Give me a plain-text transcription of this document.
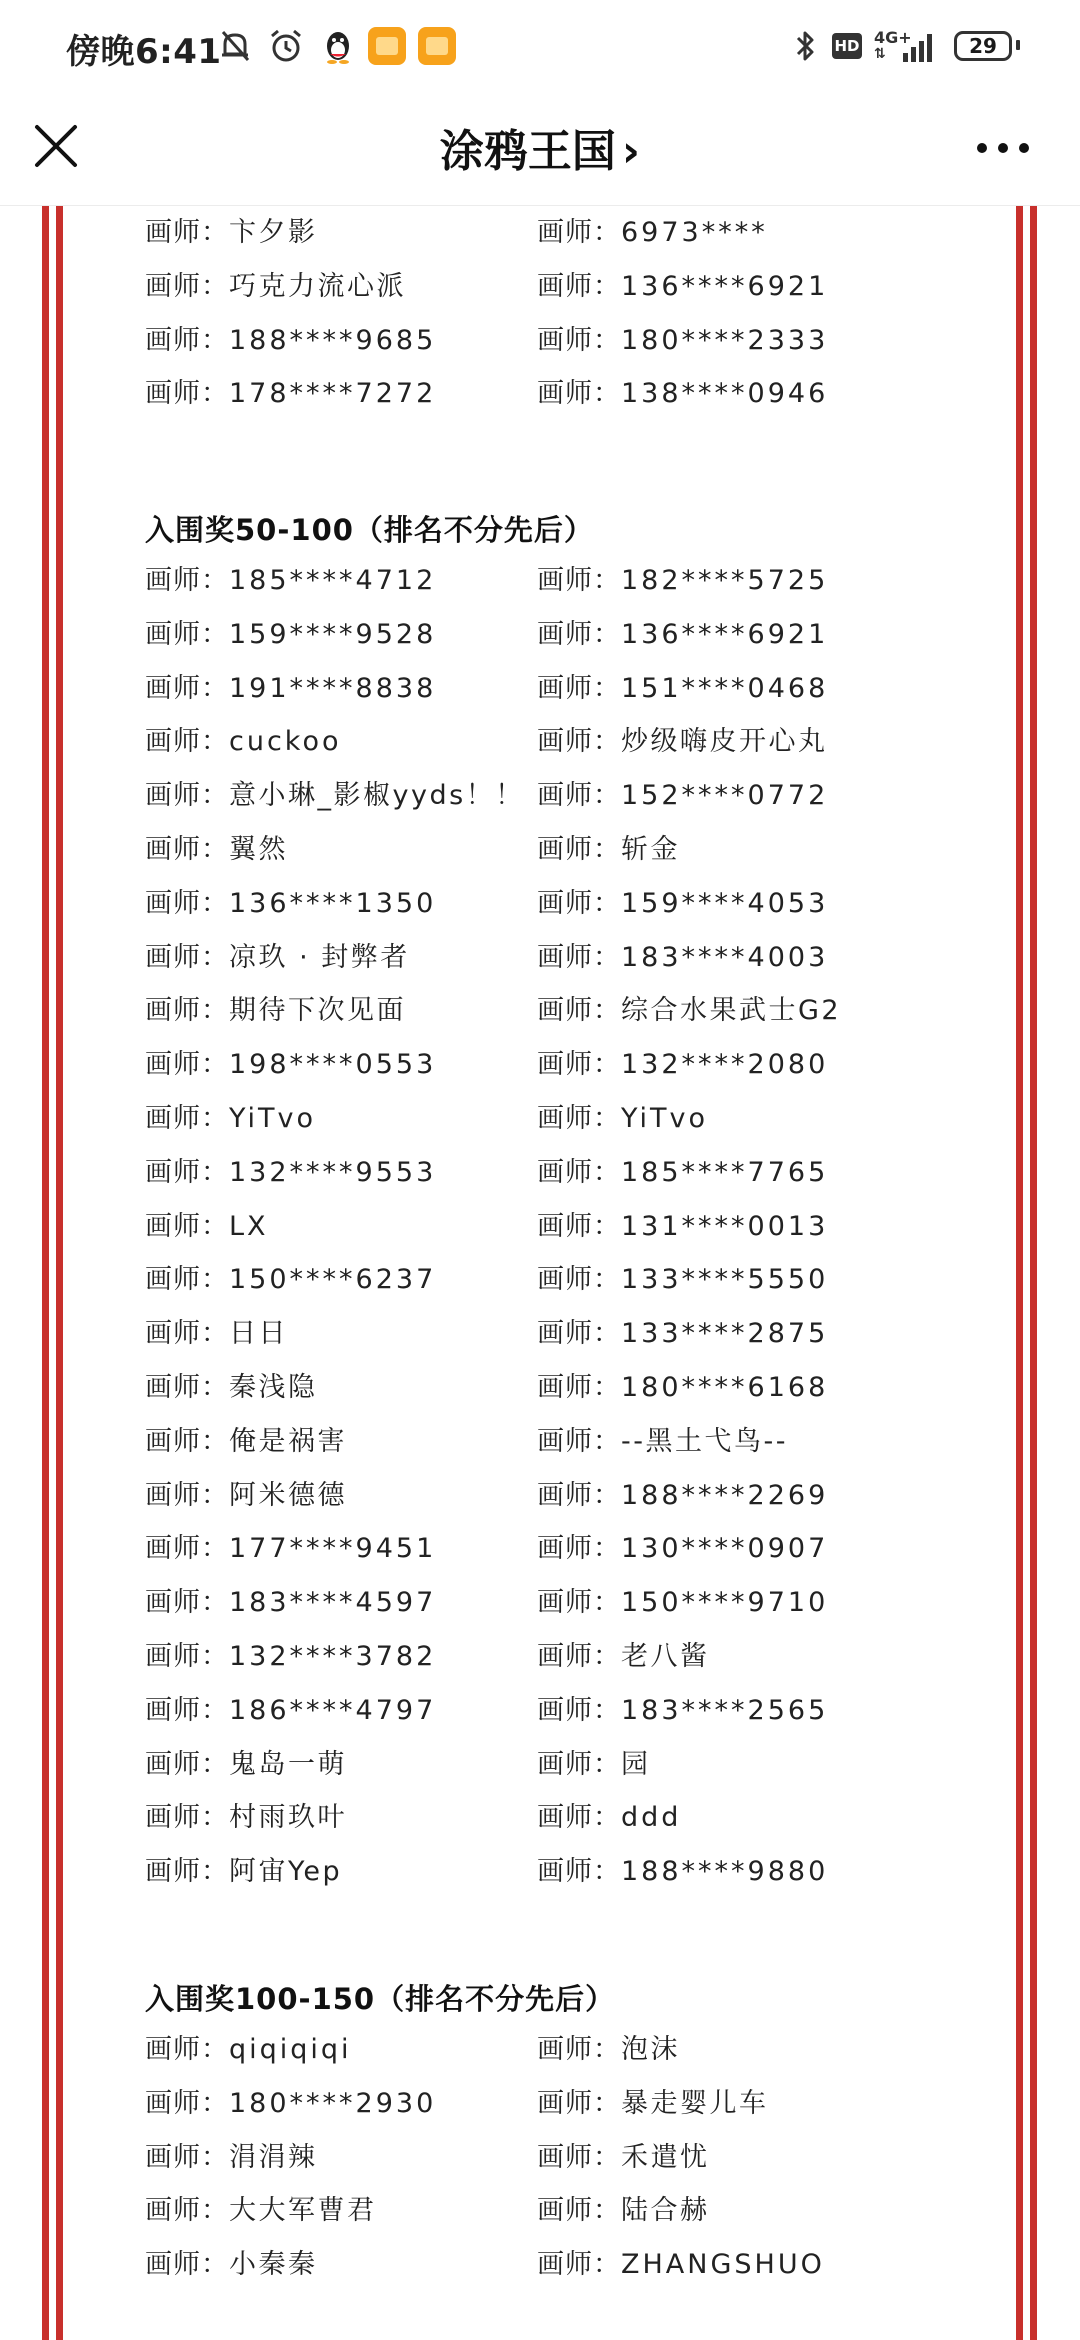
傍晚6:41	HD 4G+
⇅	29
涂鸦王国 ›
画师：卞夕影	画师：6973****
画师：巧克力流心派	画师：136****6921
画师：188****9685	画师：180****2333
画师：178****7272	画师：138****0946
入围奖50-100（排名不分先后）
画师：185****4712	画师：182****5725
画师：159****9528	画师：136****6921
画师：191****8838	画师：151****0468
画师：cuckoo	画师：炒级嗨皮开心丸
画师：意小琳_影椒yyds！！ 画师：152****0772
画师：翼然	画师：斩金
画师：136****1350	画师：159****4053
画师：凉玖 · 封弊者	画师：183****4003
画师：期待下次见面	画师：综合水果武士G2
画师：198****0553	画师：132****2080
画师：YiTvo	画师：YiTvo
画师：132****9553	画师：185****7765
画师：LX	画师：131****0013
画师：150****6237	画师：133****5550
画师：日日	画师：133****2875
画师：秦浅隐	画师：180****6168
画师：俺是祸害	画师：--黑土弋鸟--
画师：阿米德德	画师：188****2269
画师：177****9451	画师：130****0907
画师：183****4597	画师：150****9710
画师：132****3782	画师：老八酱
画师：186****4797	画师：183****2565
画师：鬼岛一萌	画师：园
画师：村雨玖叶	画师：ddd
画师：阿宙Yep	画师：188****9880
入围奖100-150（排名不分先后）
画师：qiqiqiqi	画师：泡沫
画师：180****2930	画师：暴走婴儿车
画师：涓涓辣	画师：禾遣忧
画师：大大军曹君	画师：陆合赫
画师：小秦秦	画师：ZHANGSHUO
